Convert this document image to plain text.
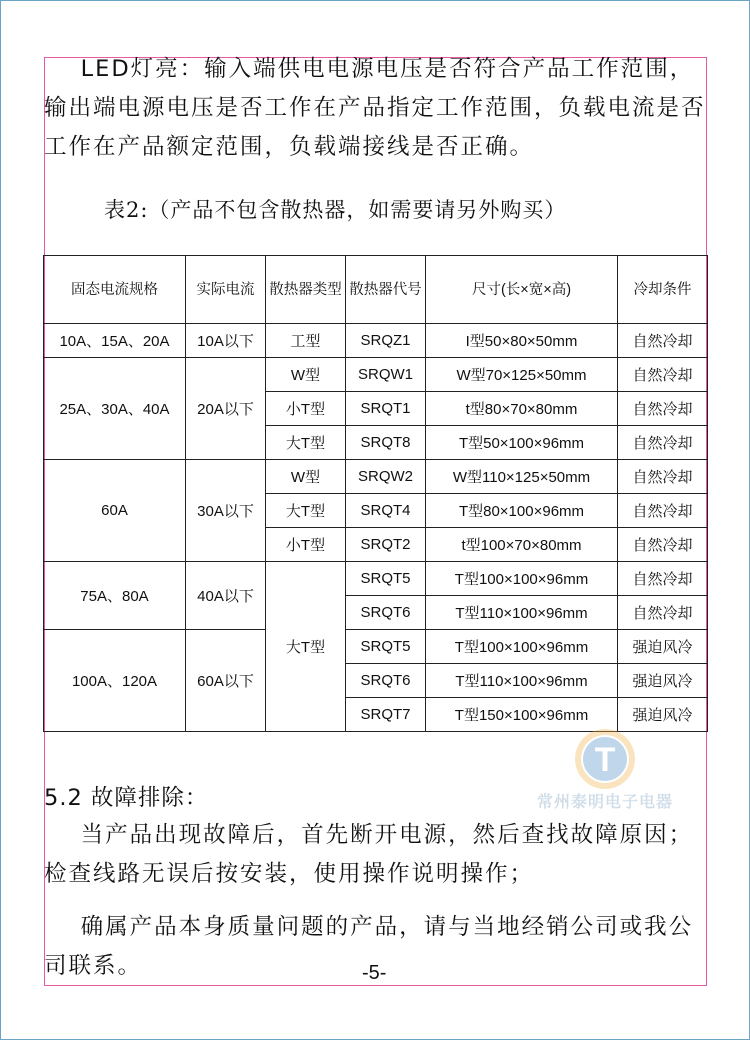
LED灯亮：输入端供电电源电压是否符合产品工作范围，输出端电源电压是否工作在产品指定工作范围，负载电流是否工作在产品额定范围，负载端接线是否正确。

表2:（产品不包含散热器，如需要请另外购买）
固态电流规格	实际电流	散热器类型	散热器代号	尺寸(长×宽×高)	冷却条件
10A、15A、20A	10A以下	工型	SRQZ1	I型50×80×50mm	自然冷却
25A、30A、40A	20A以下	W型	SRQW1	W型70×125×50mm	自然冷却
		小T型	SRQT1	t型80×70×80mm	自然冷却
		大T型	SRQT8	T型50×100×96mm	自然冷却
60A	30A以下	W型	SRQW2	W型110×125×50mm	自然冷却
		大T型	SRQT4	T型80×100×96mm	自然冷却
		小T型	SRQT2	t型100×70×80mm	自然冷却
75A、80A	40A以下	大T型	SRQT5	T型100×100×96mm	自然冷却
			SRQT6	T型110×100×96mm	自然冷却
100A、120A	60A以下		SRQT5	T型100×100×96mm	强迫风冷
			SRQT6	T型110×100×96mm	强迫风冷
			SRQT7	T型150×100×96mm	强迫风冷
T
常州泰明电子电器
5.2 故障排除：

当产品出现故障后，首先断开电源，然后查找故障原因；检查线路无误后按安装，使用操作说明操作；

确属产品本身质量问题的产品，请与当地经销公司或我公司联系。	-5-
